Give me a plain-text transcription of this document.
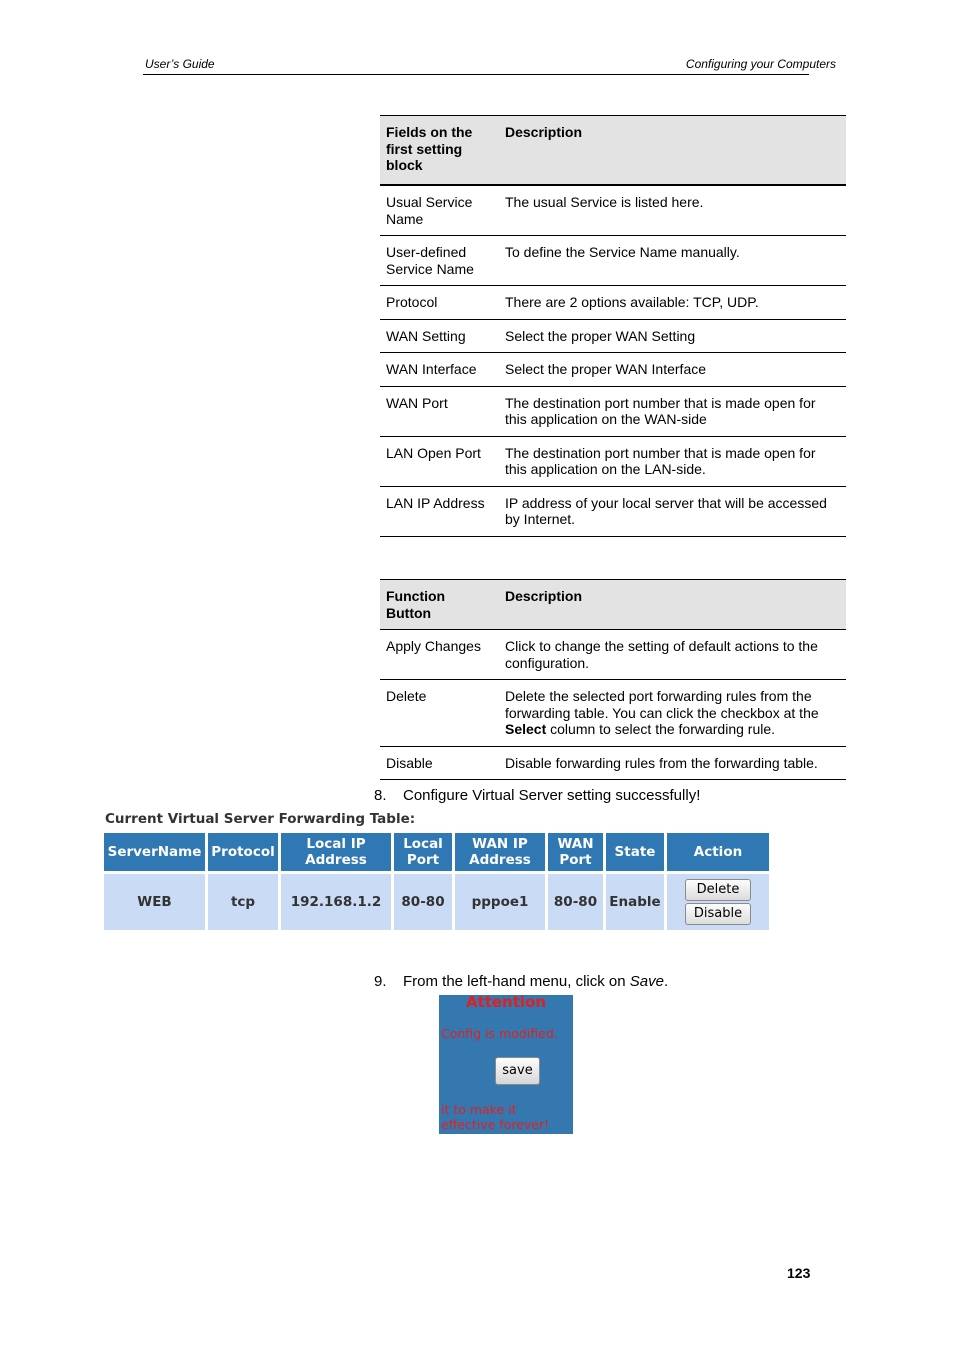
User’s Guide	Configuring your Computers
Fields on the first setting block	Description
Usual Service Name	The usual Service is listed here.
User-defined Service Name	To define the Service Name manually.
Protocol	There are 2 options available: TCP, UDP.
WAN Setting	Select the proper WAN Setting
WAN Interface	Select the proper WAN Interface
WAN Port	The destination port number that is made open for this application on the WAN-side
LAN Open Port	The destination port number that is made open for this application on the LAN-side.
LAN IP Address	IP address of your local server that will be accessed by Internet.
Function Button	Description
Apply Changes	Click to change the setting of default actions to the configuration.
Delete	Delete the selected port forwarding rules from the forwarding table. You can click the checkbox at the Select column to select the forwarding rule.
Disable	Disable forwarding rules from the forwarding table.
8. Configure Virtual Server setting successfully!
Current Virtual Server Forwarding Table:
ServerName	Protocol	Local IP Address	Local Port	WAN IP Address	WAN Port	State	Action
WEB	tcp	192.168.1.2	80-80	pppoe1	80-80	Enable	Delete
Disable
9. From the left-hand menu, click on Save.
Attention
Config is modified.
save
it to make it effective forever!
123
